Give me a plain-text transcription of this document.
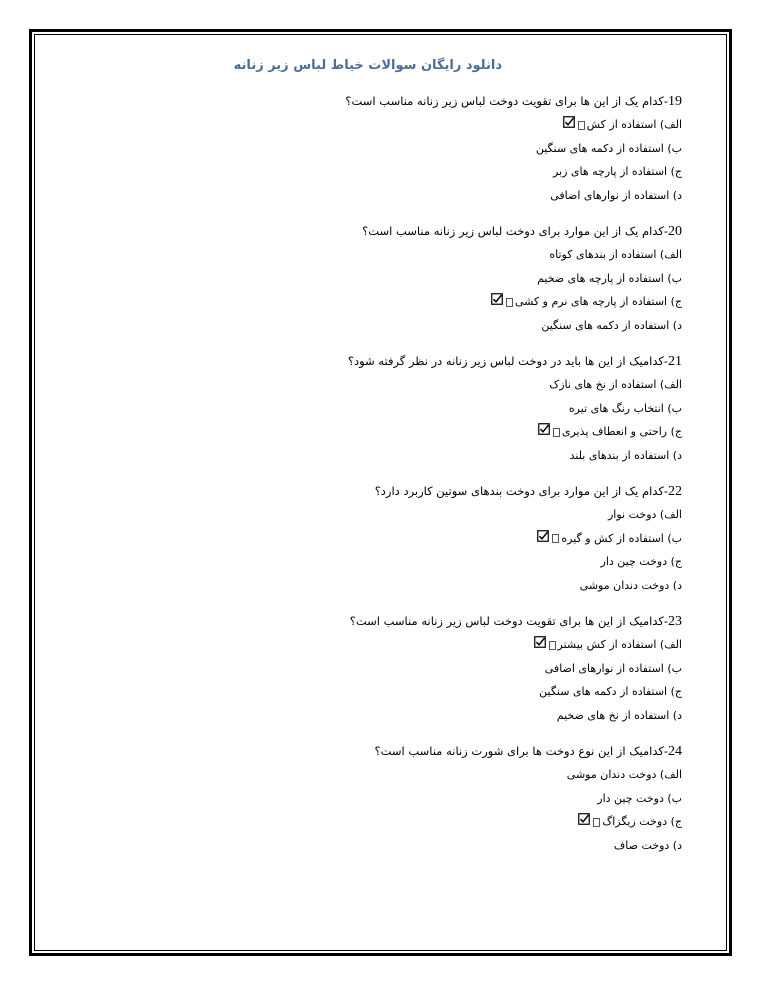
دانلود رایگان سوالات خیاط لباس زیر زنانه
19-کدام یک از این ها برای تقویت دوخت لباس زیر زنانه مناسب است؟
الف) استفاده از کش
ب) استفاده از دکمه های سنگین
ج) استفاده از پارچه های زبر
د) استفاده از نوارهای اضافی
20-کدام یک از این موارد برای دوخت لباس زیر زنانه مناسب است؟
الف) استفاده از بندهای کوتاه
ب) استفاده از پارچه های ضخیم
ج) استفاده از پارچه های نرم و کشی
د) استفاده از دکمه های سنگین
21-کدامیک از این ها باید در دوخت لباس زیر زنانه در نظر گرفته شود؟
الف) استفاده از نخ های نازک
ب) انتخاب رنگ های تیره
ج) راحتی و انعطاف پذیری
د) استفاده از بندهای بلند
22-کدام یک از این موارد برای دوخت بندهای سوتین کاربرد دارد؟
الف) دوخت نوار
ب) استفاده از کش و گیره
ج) دوخت چین دار
د) دوخت دندان موشی
23-کدامیک از این ها برای تقویت دوخت لباس زیر زنانه مناسب است؟
الف) استفاده از کش بیشتر
ب) استفاده از نوارهای اضافی
ج) استفاده از دکمه های سنگین
د) استفاده از نخ های ضخیم
24-کدامیک از این نوع دوخت ها برای شورت زنانه مناسب است؟
الف) دوخت دندان موشی
ب) دوخت چین دار
ج) دوخت زیگزاگ
د) دوخت صاف
